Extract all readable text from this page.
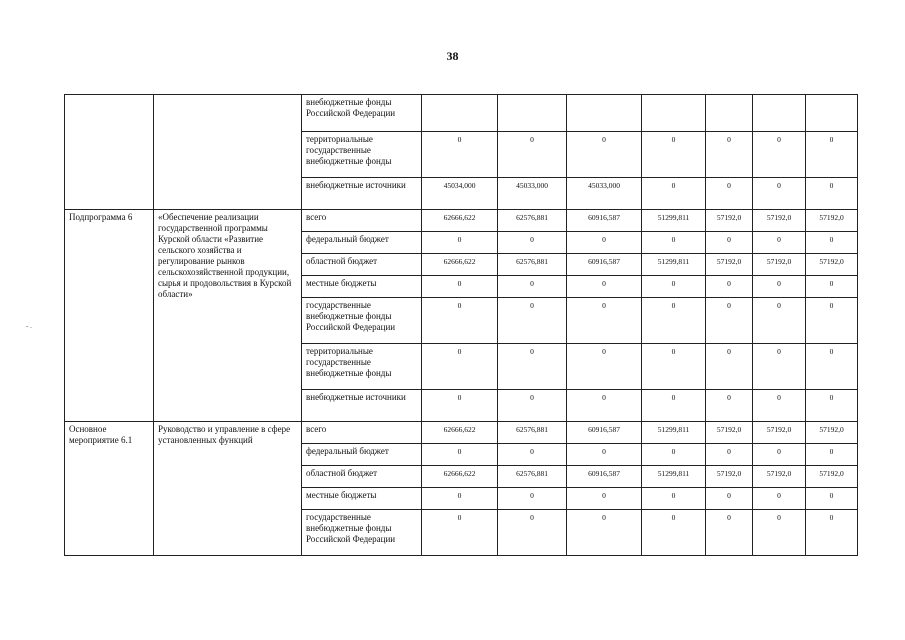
38
- .
		внебюджетные фонды Российской Федерации							
		территориальные государственные внебюджетные фонды	0	0	0	0	0	0	0
		внебюджетные источники	45034,000	45033,000	45033,000	0	0	0	0
Подпрограмма 6	«Обеспечение реализации государственной программы Курской области «Развитие сельского хозяйства и регулирование рынков сельскохозяйственной продукции, сырья и продовольствия в Курской области»	всего	62666,622	62576,881	60916,587	51299,811	57192,0	57192,0	57192,0
		федеральный бюджет	0	0	0	0	0	0	0
		областной бюджет	62666,622	62576,881	60916,587	51299,811	57192,0	57192,0	57192,0
		местные бюджеты	0	0	0	0	0	0	0
		государственные внебюджетные фонды Российской Федерации	0	0	0	0	0	0	0
		территориальные государственные внебюджетные фонды	0	0	0	0	0	0	0
		внебюджетные источники	0	0	0	0	0	0	0
Основное мероприятие 6.1	Руководство и управление в сфере установленных функций	всего	62666,622	62576,881	60916,587	51299,811	57192,0	57192,0	57192,0
		федеральный бюджет	0	0	0	0	0	0	0
		областной бюджет	62666,622	62576,881	60916,587	51299,811	57192,0	57192,0	57192,0
		местные бюджеты	0	0	0	0	0	0	0
		государственные внебюджетные фонды Российской Федерации	0	0	0	0	0	0	0
